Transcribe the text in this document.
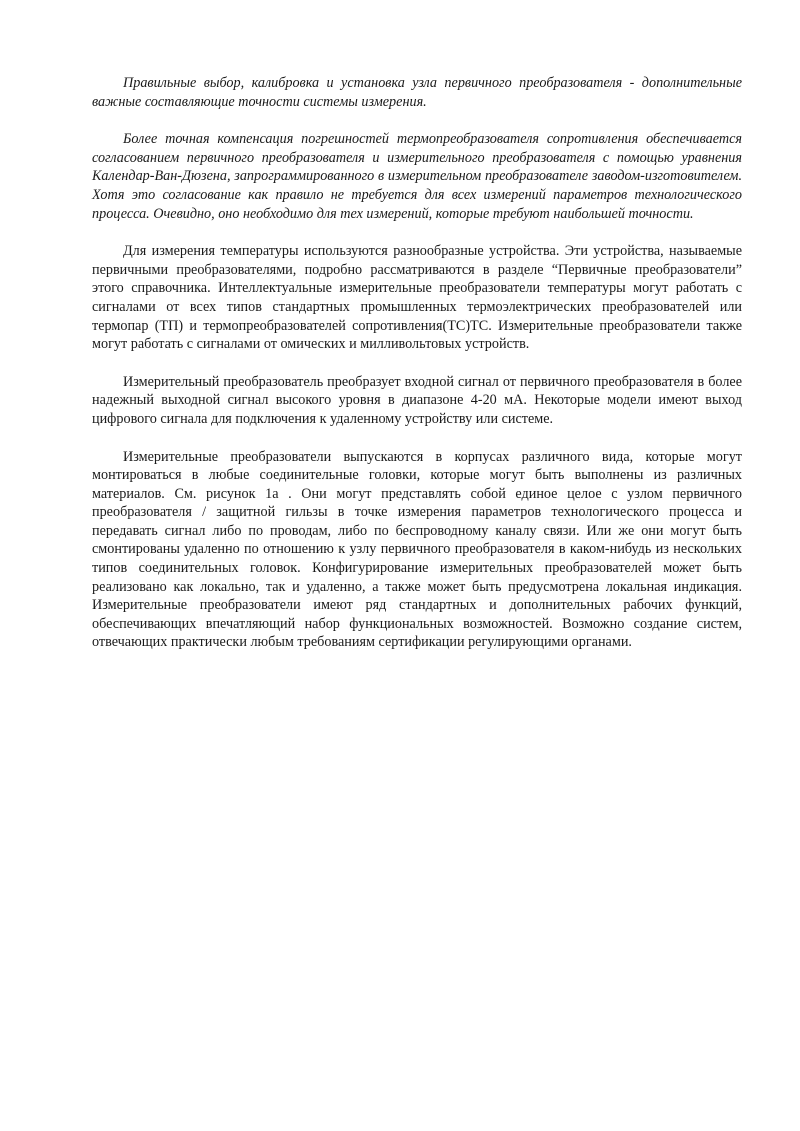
Правильные выбор, калибровка и установка узла первичного преобразователя - дополнительные важные составляющие точности системы измерения.

Более точная компенсация погрешностей термопреобразователя сопротивления обеспечивается согласованием первичного преобразователя и измерительного преобразователя с помощью уравнения Календар-Ван-Дюзена, запрограммированного в измерительном преобразователе заводом-изготовителем. Хотя это согласование как правило не требуется для всех измерений параметров технологического процесса. Очевидно, оно необходимо для тех измерений, которые требуют наибольшей точности.

Для измерения температуры используются разнообразные устройства. Эти устройства, называемые первичными преобразователями, подробно рассматриваются в разделе “Первичные преобразователи” этого справочника. Интеллектуальные измерительные преобразователи температуры могут работать с сигналами от всех типов стандартных промышленных термоэлектрических преобразователей или термопар (ТП) и термопреобразователей сопротивления(ТС)ТС. Измерительные преобразователи также могут работать с сигналами от омических и милливольтовых устройств.

Измерительный преобразователь преобразует входной сигнал от первичного преобразователя в более надежный выходной сигнал высокого уровня в диапазоне 4-20 мА. Некоторые модели имеют выход цифрового сигнала для подключения к удаленному устройству или системе.

Измерительные преобразователи выпускаются в корпусах различного вида, которые могут монтироваться в любые соединительные головки, которые могут быть выполнены из различных материалов. См. рисунок 1а . Они могут представлять собой единое целое с узлом первичного преобразователя / защитной гильзы в точке измерения параметров технологического процесса и передавать сигнал либо по проводам, либо по беспроводному каналу связи. Или же они могут быть смонтированы удаленно по отношению к узлу первичного преобразователя в каком-нибудь из нескольких типов соединительных головок. Конфигурирование измерительных преобразователей может быть реализовано как локально, так и удаленно, а также может быть предусмотрена локальная индикация. Измерительные преобразователи имеют ряд стандартных и дополнительных рабочих функций, обеспечивающих впечатляющий набор функциональных возможностей. Возможно создание систем, отвечающих практически любым требованиям сертификации регулирующими органами.
